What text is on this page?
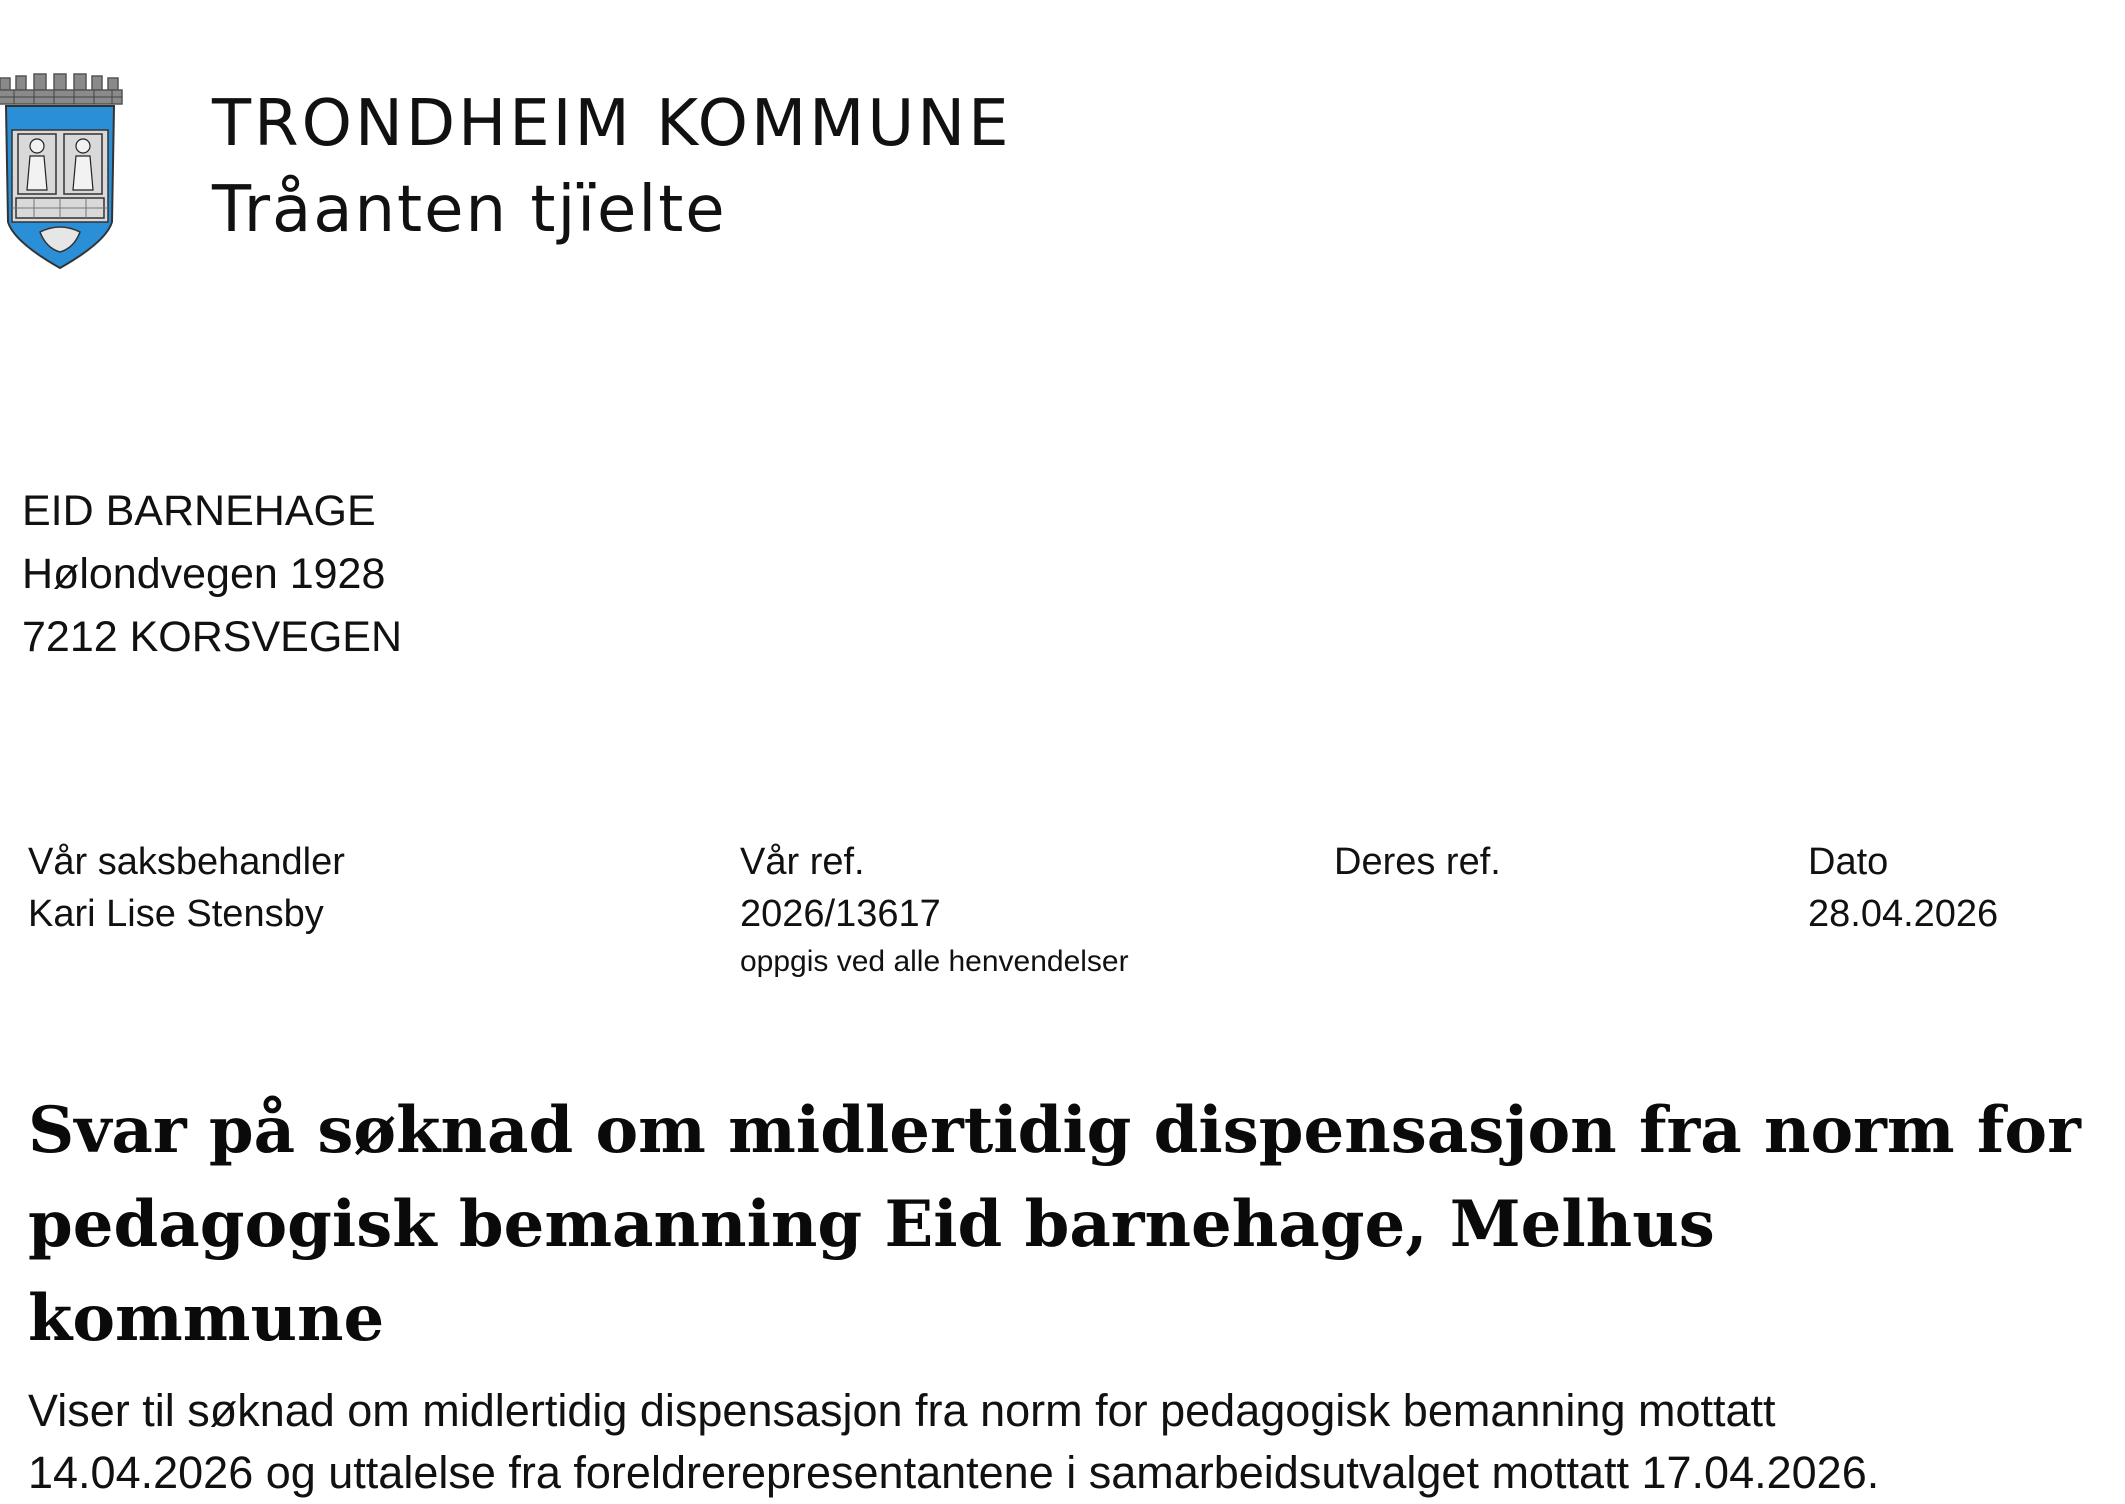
TRONDHEIM KOMMUNE
Tråanten tjïelte
EID BARNEHAGE
Hølondvegen 1928
7212 KORSVEGEN
Vår saksbehandler
Kari Lise Stensby
Vår ref.
2026/13617
oppgis ved alle henvendelser
Deres ref.	Dato
28.04.2026
Svar på søknad om midlertidig dispensasjon fra norm for
pedagogisk bemanning Eid barnehage, Melhus kommune
Viser til søknad om midlertidig dispensasjon fra norm for pedagogisk bemanning mottatt
14.04.2026 og uttalelse fra foreldrerepresentantene i samarbeidsutvalget mottatt 17.04.2026.
